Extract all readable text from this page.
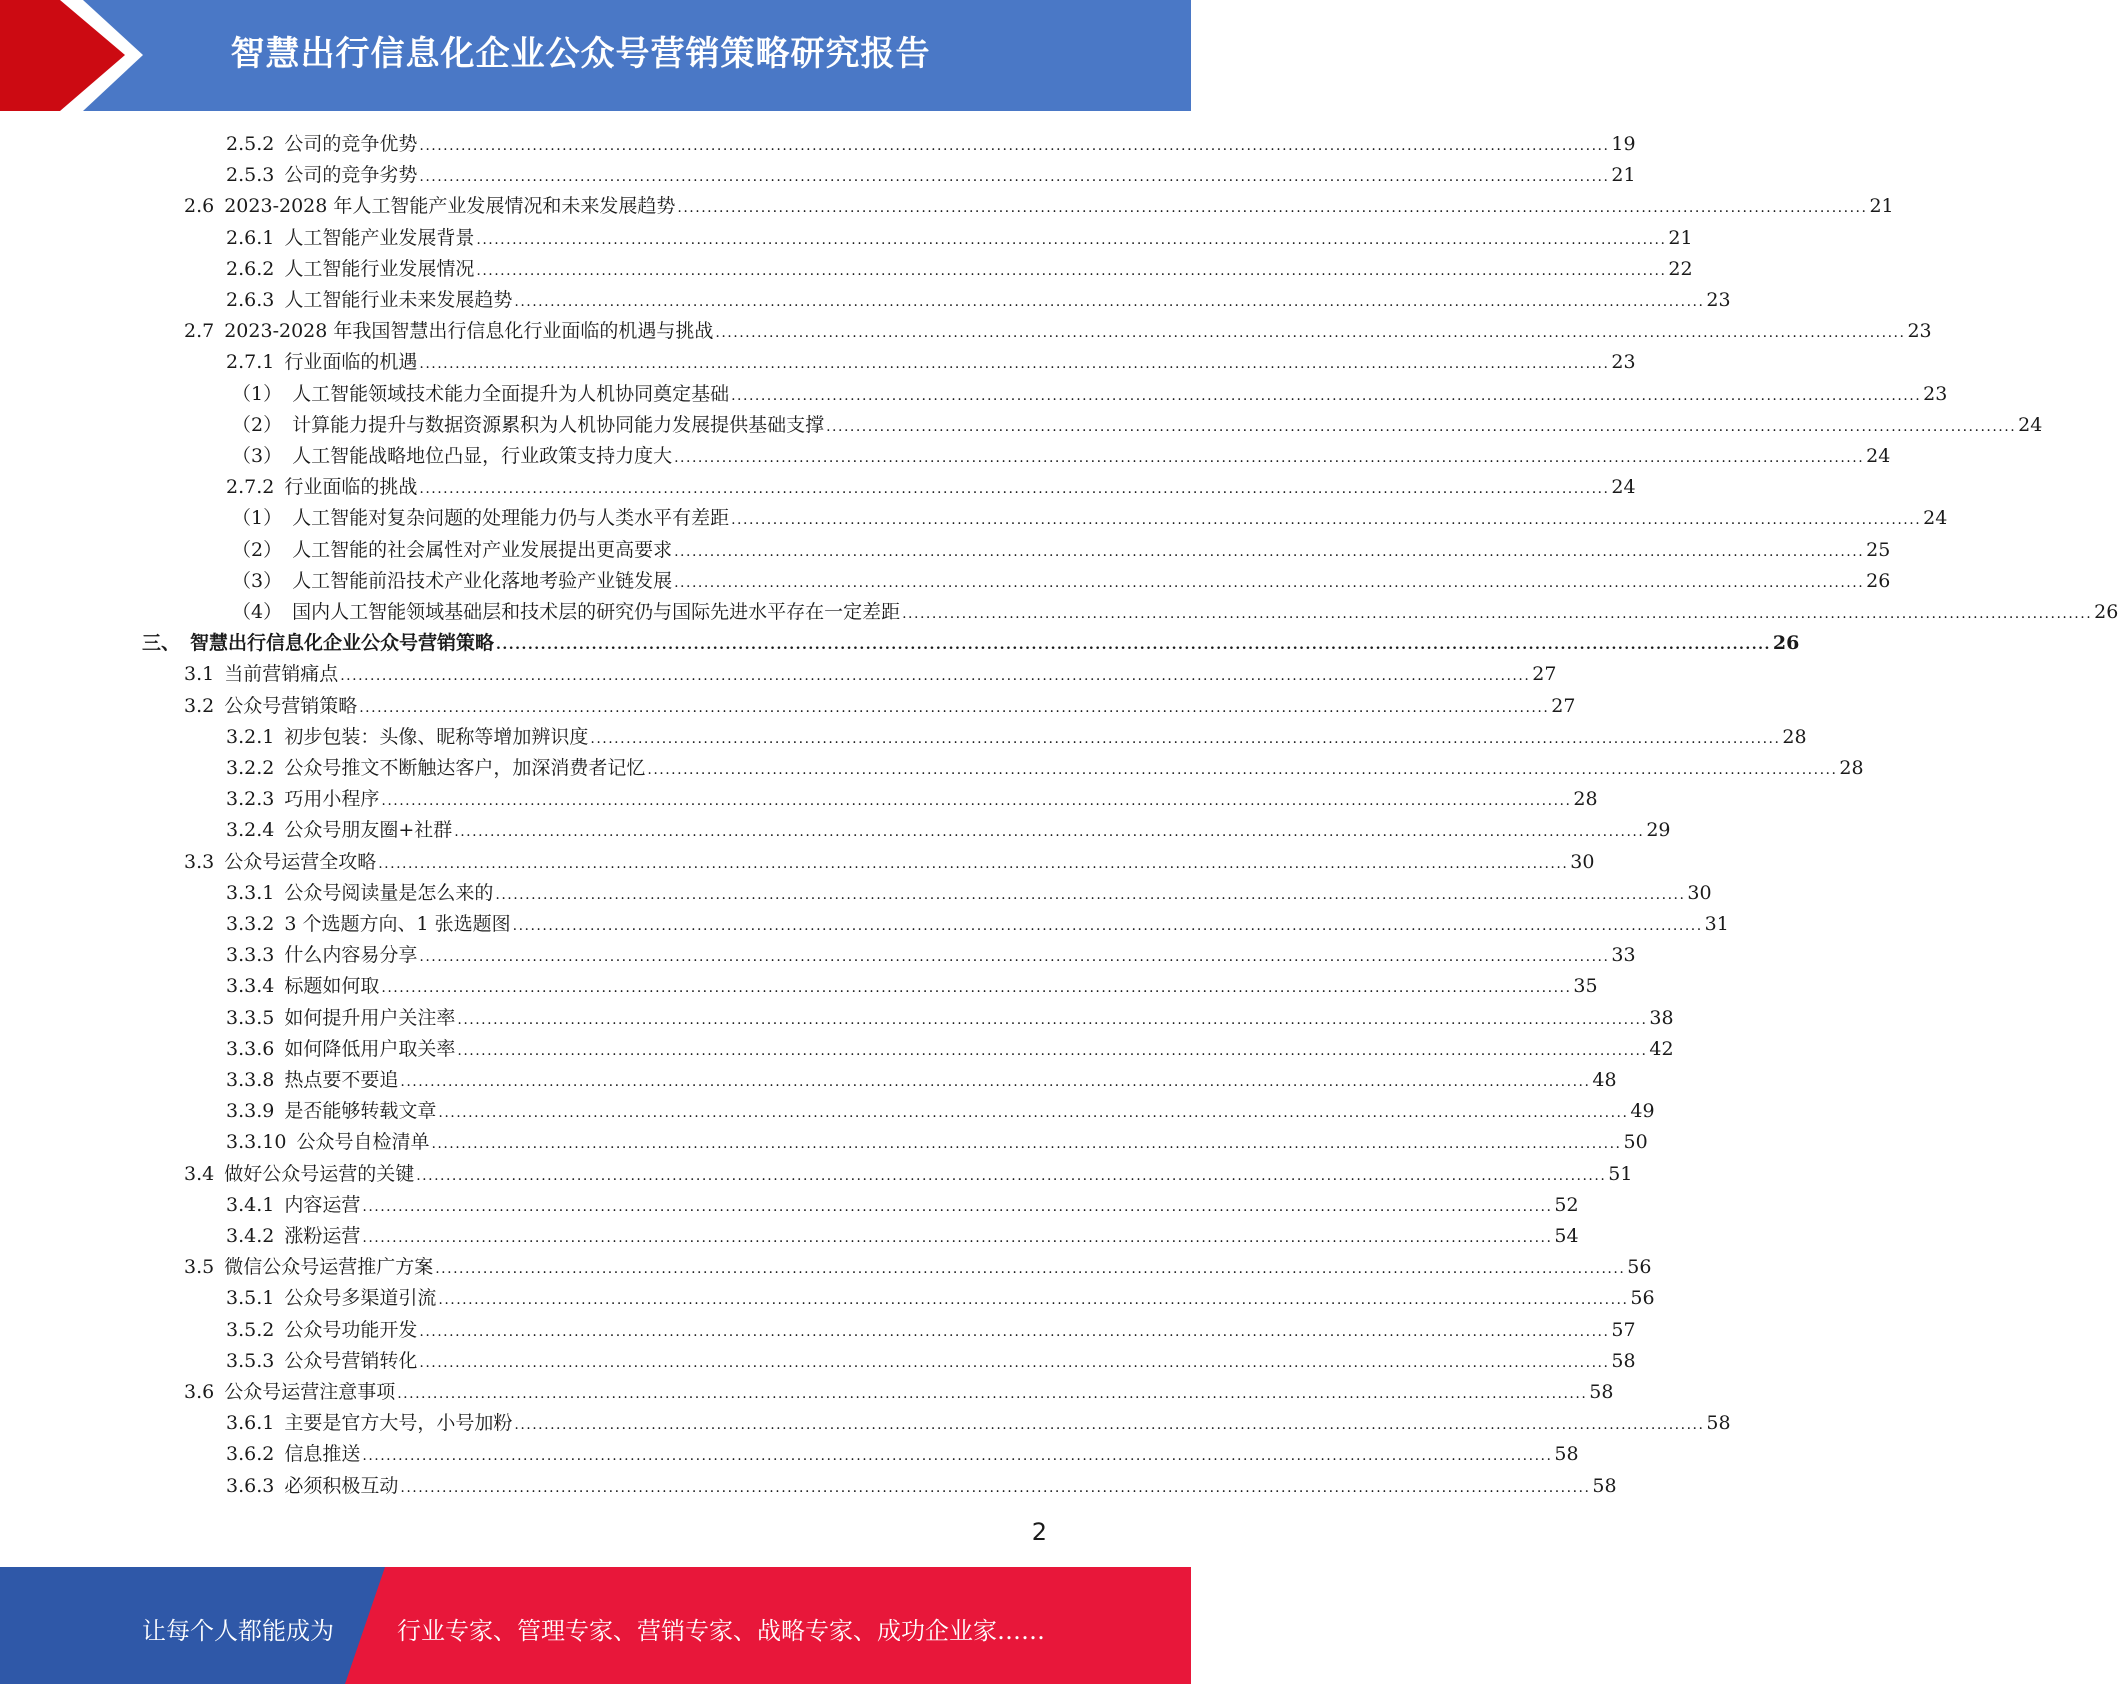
智慧出行信息化企业公众号营销策略研究报告
2.5.2 公司的竞争优势 ........................................................................................................................................................................................................ 19
2.5.3 公司的竞争劣势 ........................................................................................................................................................................................................ 21
2.6 2023-2028 年人工智能产业发展情况和未来发展趋势 ........................................................................................................................................................................................................ 21
2.6.1 人工智能产业发展背景 ........................................................................................................................................................................................................ 21
2.6.2 人工智能行业发展情况 ........................................................................................................................................................................................................ 22
2.6.3 人工智能行业未来发展趋势 ........................................................................................................................................................................................................ 23
2.7 2023-2028 年我国智慧出行信息化行业面临的机遇与挑战 ........................................................................................................................................................................................................ 23
2.7.1 行业面临的机遇 ........................................................................................................................................................................................................ 23
（1） 人工智能领域技术能力全面提升为人机协同奠定基础 ........................................................................................................................................................................................................ 23
（2） 计算能力提升与数据资源累积为人机协同能力发展提供基础支撑 ........................................................................................................................................................................................................ 24
（3） 人工智能战略地位凸显，行业政策支持力度大 ........................................................................................................................................................................................................ 24
2.7.2 行业面临的挑战 ........................................................................................................................................................................................................ 24
（1） 人工智能对复杂问题的处理能力仍与人类水平有差距 ........................................................................................................................................................................................................ 24
（2） 人工智能的社会属性对产业发展提出更高要求 ........................................................................................................................................................................................................ 25
（3） 人工智能前沿技术产业化落地考验产业链发展 ........................................................................................................................................................................................................ 26
（4） 国内人工智能领域基础层和技术层的研究仍与国际先进水平存在一定差距 ........................................................................................................................................................................................................ 26
三、 智慧出行信息化企业公众号营销策略 ........................................................................................................................................................................................................ 26
3.1 当前营销痛点 ........................................................................................................................................................................................................ 27
3.2 公众号营销策略 ........................................................................................................................................................................................................ 27
3.2.1 初步包装：头像、昵称等增加辨识度 ........................................................................................................................................................................................................ 28
3.2.2 公众号推文不断触达客户，加深消费者记忆 ........................................................................................................................................................................................................ 28
3.2.3 巧用小程序 ........................................................................................................................................................................................................ 28
3.2.4 公众号朋友圈+社群 ........................................................................................................................................................................................................ 29
3.3 公众号运营全攻略 ........................................................................................................................................................................................................ 30
3.3.1 公众号阅读量是怎么来的 ........................................................................................................................................................................................................ 30
3.3.2 3 个选题方向、1 张选题图 ........................................................................................................................................................................................................ 31
3.3.3 什么内容易分享 ........................................................................................................................................................................................................ 33
3.3.4 标题如何取 ........................................................................................................................................................................................................ 35
3.3.5 如何提升用户关注率 ........................................................................................................................................................................................................ 38
3.3.6 如何降低用户取关率 ........................................................................................................................................................................................................ 42
3.3.8 热点要不要追 ........................................................................................................................................................................................................ 48
3.3.9 是否能够转载文章 ........................................................................................................................................................................................................ 49
3.3.10 公众号自检清单 ........................................................................................................................................................................................................ 50
3.4 做好公众号运营的关键 ........................................................................................................................................................................................................ 51
3.4.1 内容运营 ........................................................................................................................................................................................................ 52
3.4.2 涨粉运营 ........................................................................................................................................................................................................ 54
3.5 微信公众号运营推广方案 ........................................................................................................................................................................................................ 56
3.5.1 公众号多渠道引流 ........................................................................................................................................................................................................ 56
3.5.2 公众号功能开发 ........................................................................................................................................................................................................ 57
3.5.3 公众号营销转化 ........................................................................................................................................................................................................ 58
3.6 公众号运营注意事项 ........................................................................................................................................................................................................ 58
3.6.1 主要是官方大号，小号加粉 ........................................................................................................................................................................................................ 58
3.6.2 信息推送 ........................................................................................................................................................................................................ 58
3.6.3 必须积极互动 ........................................................................................................................................................................................................ 58
2
让每个人都能成为	行业专家、管理专家、营销专家、战略专家、成功企业家……
